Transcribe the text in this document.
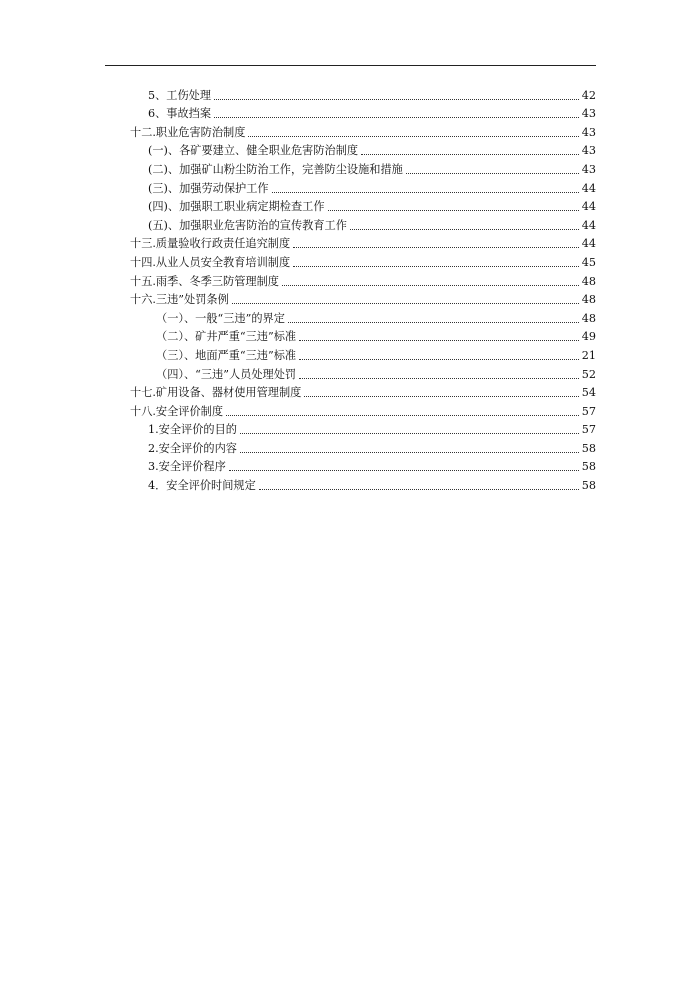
5、工伤处理	42
6、事故挡案	43
十二.职业危害防治制度	43
(一)、各矿要建立、健全职业危害防治制度	43
(二)、加强矿山粉尘防治工作，完善防尘设施和措施	43
(三)、加强劳动保护工作	44
(四)、加强职工职业病定期检查工作	44
(五)、加强职业危害防治的宣传教育工作	44
十三.质量验收行政责任追究制度	44
十四.从业人员安全教育培训制度	45
十五.雨季、冬季三防管理制度	48
十六.三违”处罚条例	48
（一）、一般“三违”的界定	48
（二）、矿井严重“三违”标准	49
（三）、地面严重“三违”标准	21
（四）、“三违”人员处理处罚	52
十七.矿用设备、器材使用管理制度	54
十八.安全评价制度	57
1.安全评价的目的	57
2.安全评价的内容	58
3.安全评价程序	58
4．安全评价时间规定	58
